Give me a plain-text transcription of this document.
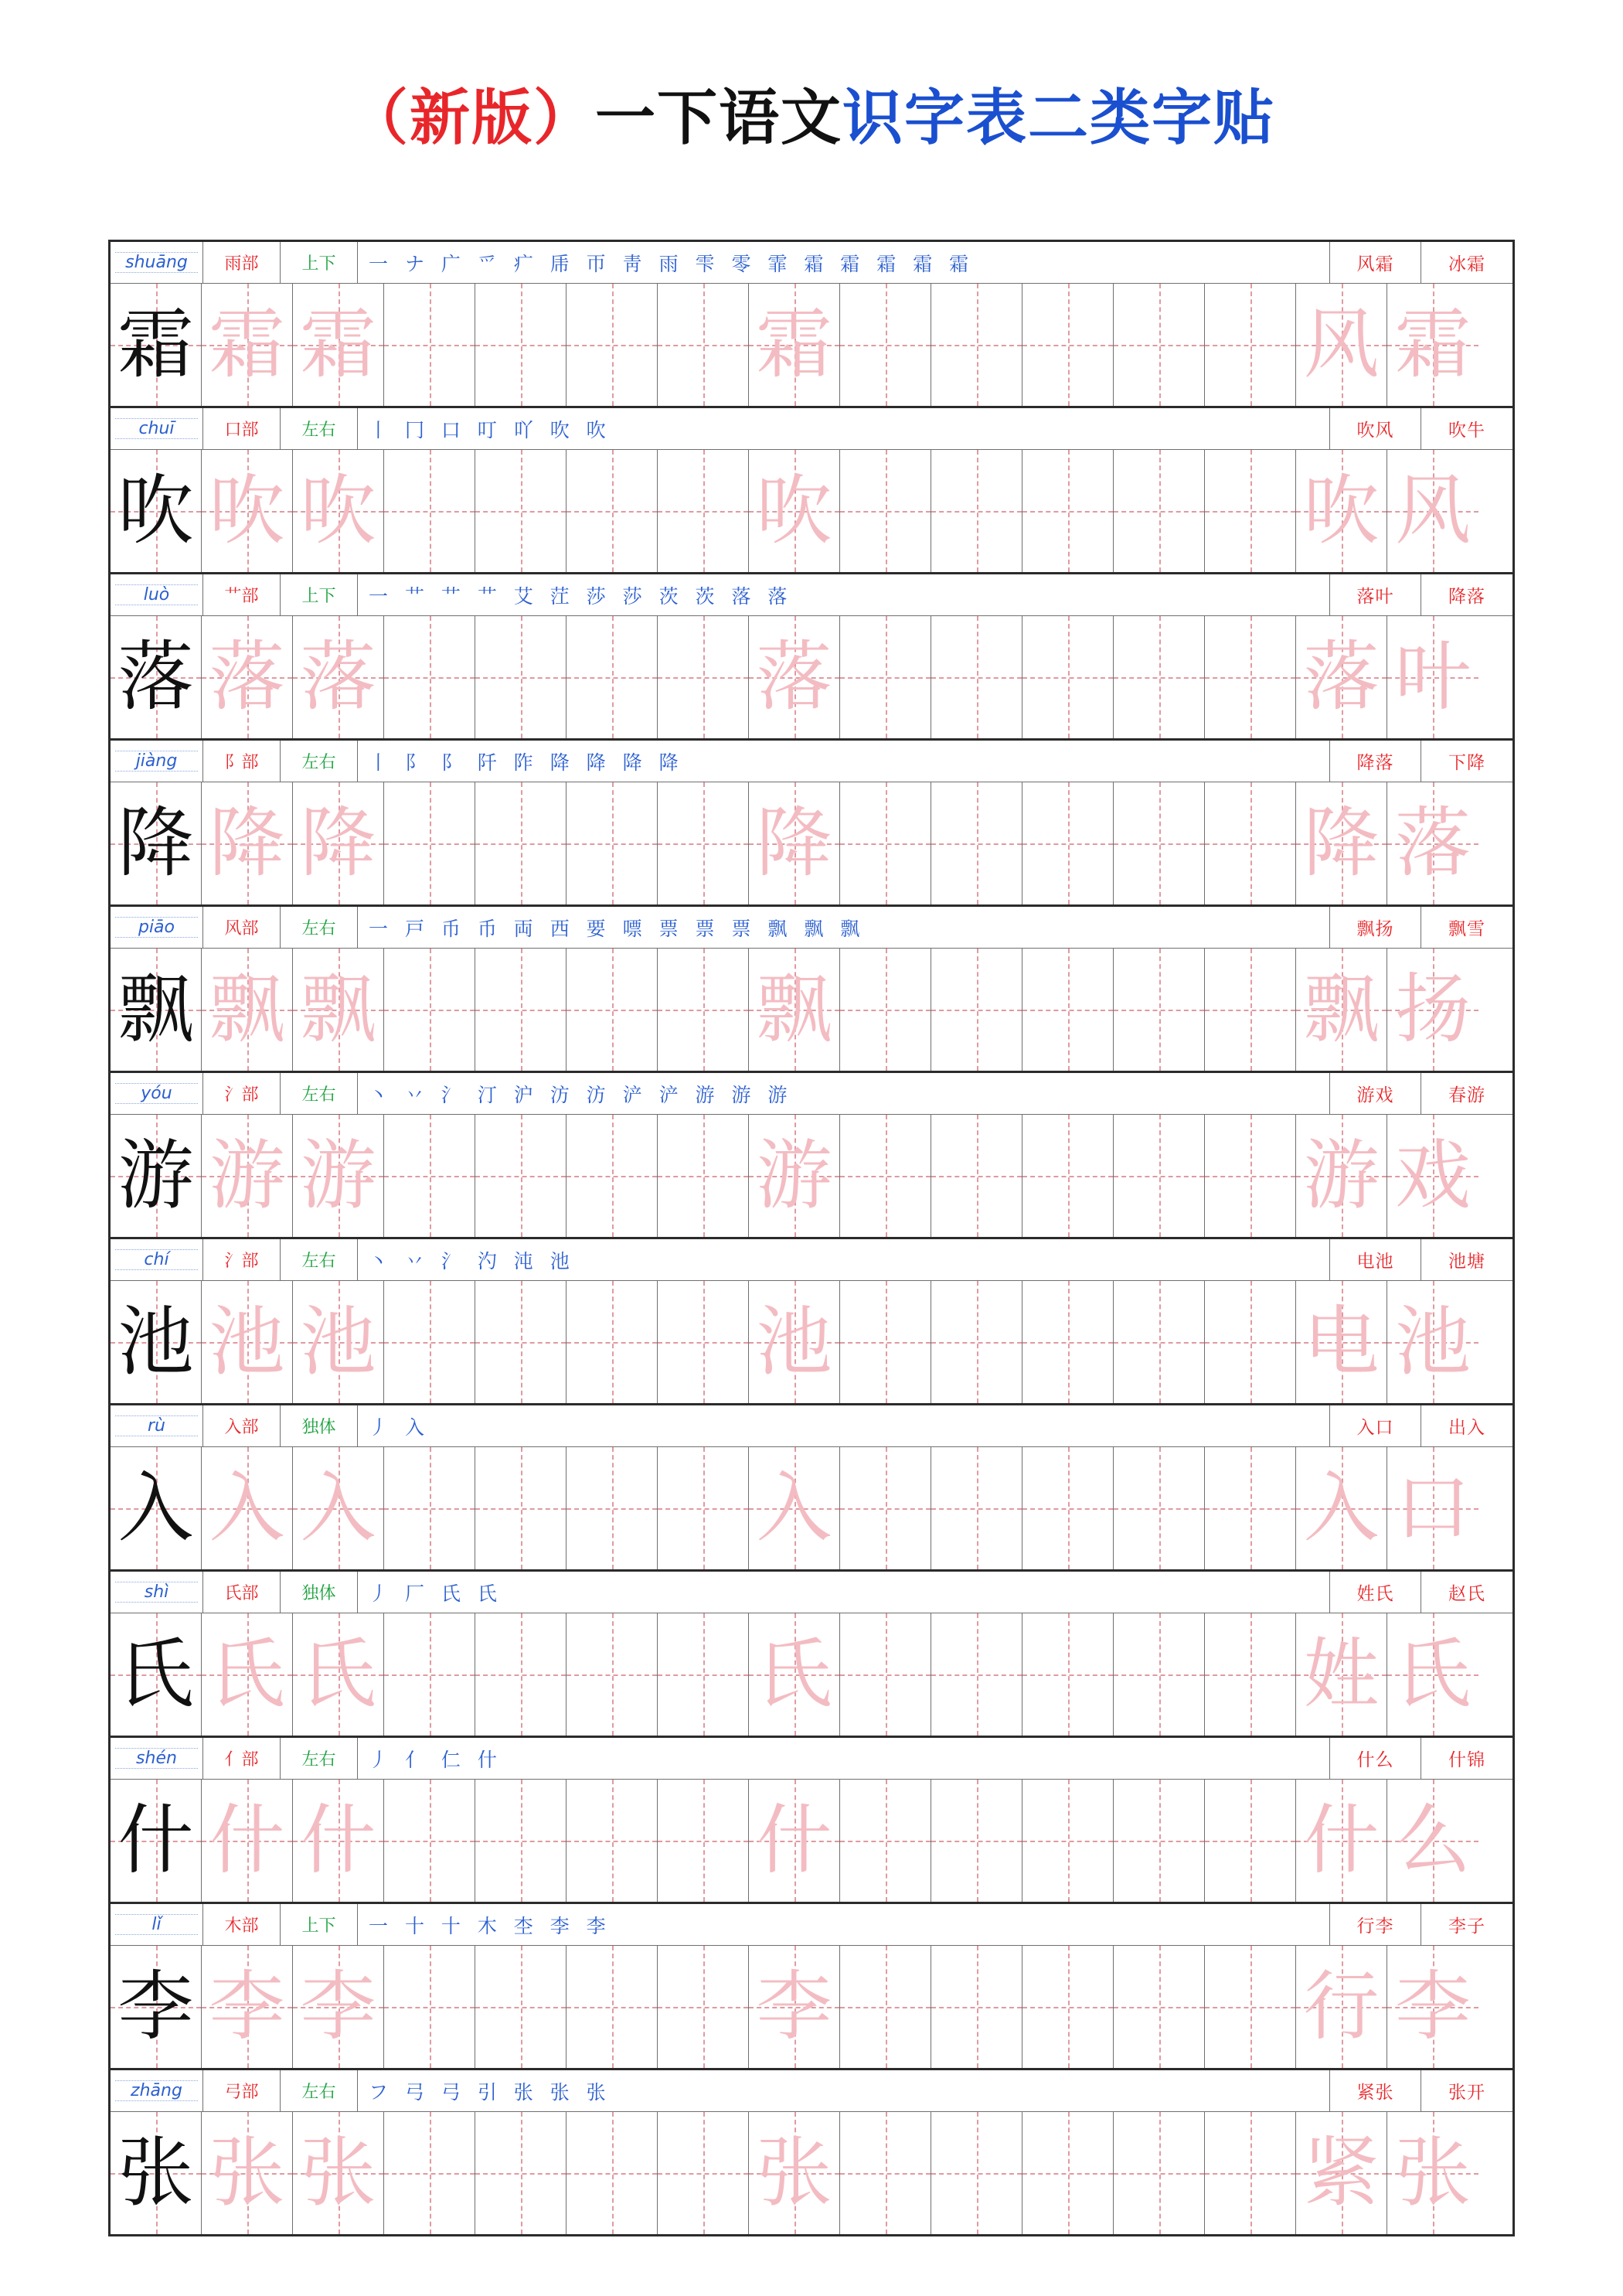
（新版）一下语文识字表二类字贴
shuāng	雨部	上下	一 ナ 广 爫 疒 乕 帀 靑 雨 雫 零 霏 霜 霜 霜 霜 霜	风霜	冰霜
霜 霜 霜	霜	风 霜
chuī	口部	左右	丨 冂 口 叮 吖 吹 吹	吹风	吹牛
吹 吹 吹	吹	吹 风
luò	艹部	上下	一 艹 艹 艹 艾 茳 莎 莎 茨 茨 落 落	落叶	降落
落 落 落	落	落 叶
jiàng	阝部	左右	丨 阝 阝 阡 阼 降 降 降 降	降落	下降
降 降 降	降	降 落
piāo	风部	左右	一 戸 币 币 両 西 要 嘌 票 票 票 飘 飘 飘	飘扬	飘雪
飘 飘 飘	飘	飘 扬
yóu	氵部	左右	丶 丷 氵 汀 沪 汸 汸 浐 浐 游 游 游	游戏	春游
游 游 游	游	游 戏
chí	氵部	左右	丶 丷 氵 汋 沌 池	电池	池塘
池 池 池	池	电 池
rù	入部	独体	丿 入	入口	出入
入 入 入	入	入 口
shì	氏部	独体	丿 厂 氏 氏	姓氏	赵氏
氏 氏 氏	氏	姓 氏
shén	亻部	左右	丿 亻 仁 什	什么	什锦
什 什 什	什	什 么
lǐ	木部	上下	一 十 十 木 杢 李 李	行李	李子
李 李 李	李	行 李
zhāng	弓部	左右	フ 弓 弓 引 张 张 张	紧张	张开
张 张 张	张	紧 张
